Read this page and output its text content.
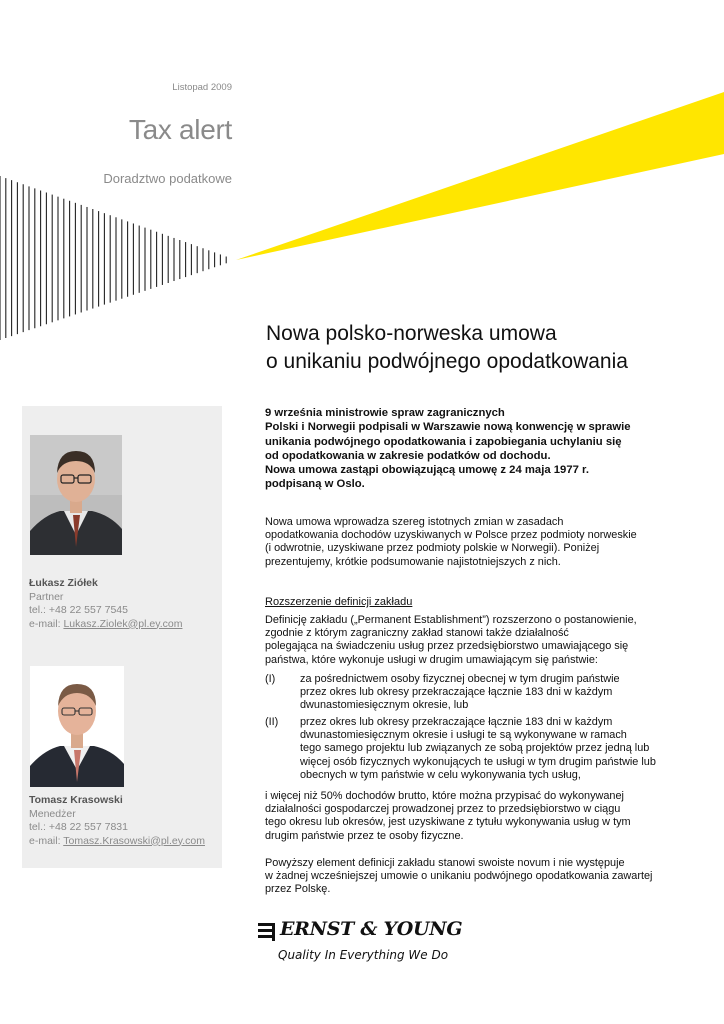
Listopad 2009
Tax alert
Doradztwo podatkowe
Nowa polsko-norweska umowa
o unikaniu podwójnego opodatkowania
Łukasz Ziółek
Partner
tel.: +48 22 557 7545
e-mail: Lukasz.Ziolek@pl.ey.com
Tomasz Krasowski
Menedżer
tel.: +48 22 557 7831
e-mail: Tomasz.Krasowski@pl.ey.com
9 września ministrowie spraw zagranicznych
Polski i Norwegii podpisali w Warszawie nową konwencję w sprawie
unikania podwójnego opodatkowania i zapobiegania uchylaniu się
od opodatkowania w zakresie podatków od dochodu.
Nowa umowa zastąpi obowiązującą umowę z 24 maja 1977 r.
podpisaną w Oslo.
Nowa umowa wprowadza szereg istotnych zmian w zasadach
opodatkowania dochodów uzyskiwanych w Polsce przez podmioty norweskie
(i odwrotnie, uzyskiwane przez podmioty polskie w Norwegii). Poniżej
prezentujemy, krótkie podsumowanie najistotniejszych z nich.
Rozszerzenie definicji zakładu
Definicję zakładu („Permanent Establishment”) rozszerzono o postanowienie,
zgodnie z którym zagraniczny zakład stanowi także działalność
polegająca na świadczeniu usług przez przedsiębiorstwo umawiającego się
państwa, które wykonuje usługi w drugim umawiającym się państwie:
(I) za pośrednictwem osoby fizycznej obecnej w tym drugim państwie
przez okres lub okresy przekraczające łącznie 183 dni w każdym
dwunastomiesięcznym okresie, lub
(II) przez okres lub okresy przekraczające łącznie 183 dni w każdym
dwunastomiesięcznym okresie i usługi te są wykonywane w ramach
tego samego projektu lub związanych ze sobą projektów przez jedną lub
więcej osób fizycznych wykonujących te usługi w tym drugim państwie lub
obecnych w tym państwie w celu wykonywania tych usług,
i więcej niż 50% dochodów brutto, które można przypisać do wykonywanej
działalności gospodarczej prowadzonej przez to przedsiębiorstwo w ciągu
tego okresu lub okresów, jest uzyskiwane z tytułu wykonywania usług w tym
drugim państwie przez te osoby fizyczne.
Powyższy element definicji zakładu stanowi swoiste novum i nie występuje
w żadnej wcześniejszej umowie o unikaniu podwójnego opodatkowania zawartej
przez Polskę.
ERNST & YOUNG
Quality In Everything We Do
